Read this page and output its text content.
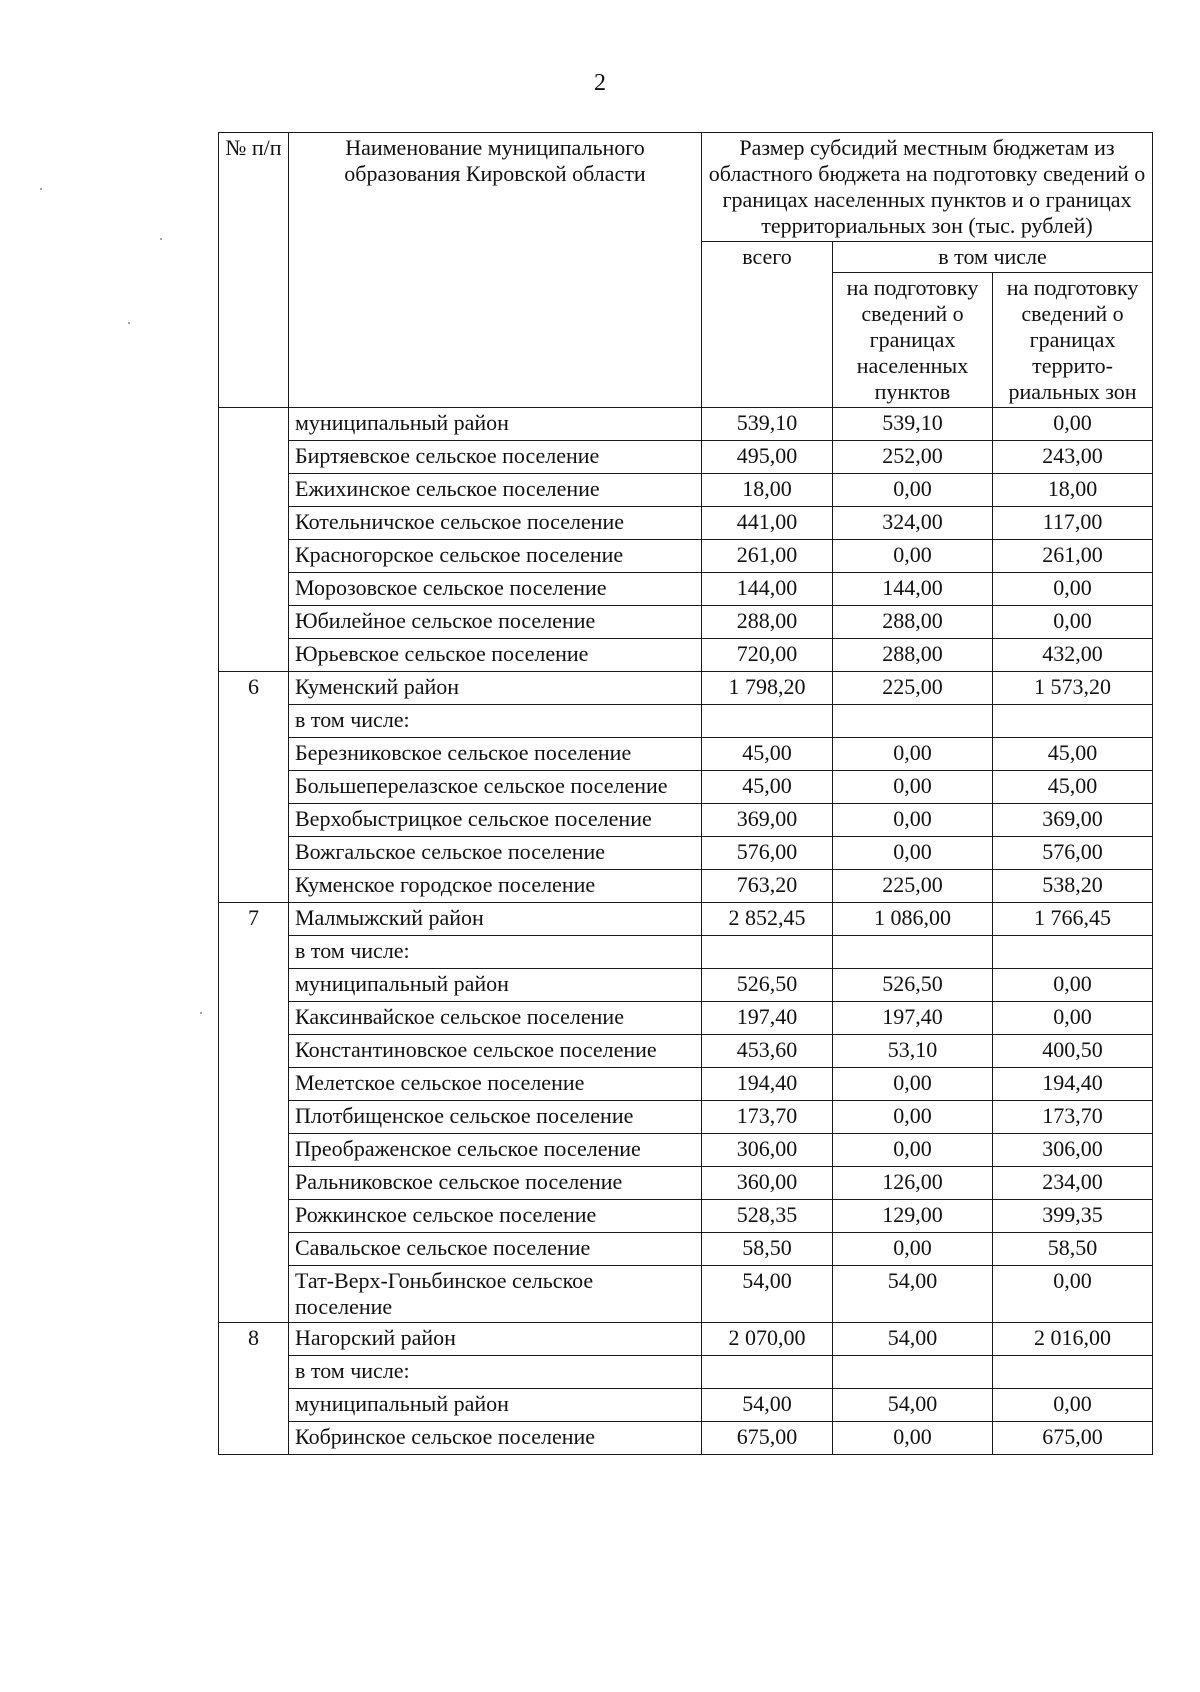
2
№ п/п	Наименование муниципального образования Кировской области	Размер субсидий местным бюджетам из областного бюджета на подготовку сведений о границах населенных пунктов и о границах территориальных зон (тыс. рублей)		
		всего	в том числе	
			на подготовку сведений о границах населенных пунктов	на подготовку сведений о границах террито-риальных зон
	муниципальный район	539,10	539,10	0,00
	Биртяевское сельское поселение	495,00	252,00	243,00
	Ежихинское сельское поселение	18,00	0,00	18,00
	Котельничское сельское поселение	441,00	324,00	117,00
	Красногорское сельское поселение	261,00	0,00	261,00
	Морозовское сельское поселение	144,00	144,00	0,00
	Юбилейное сельское поселение	288,00	288,00	0,00
	Юрьевское сельское поселение	720,00	288,00	432,00
6	Куменский район	1 798,20	225,00	1 573,20
	в том числе:			
	Березниковское сельское поселение	45,00	0,00	45,00
	Большеперелазское сельское поселение	45,00	0,00	45,00
	Верхобыстрицкое сельское поселение	369,00	0,00	369,00
	Вожгальское сельское поселение	576,00	0,00	576,00
	Куменское городское поселение	763,20	225,00	538,20
7	Малмыжский район	2 852,45	1 086,00	1 766,45
	в том числе:			
	муниципальный район	526,50	526,50	0,00
	Каксинвайское сельское поселение	197,40	197,40	0,00
	Константиновское сельское поселение	453,60	53,10	400,50
	Мелетское сельское поселение	194,40	0,00	194,40
	Плотбищенское сельское поселение	173,70	0,00	173,70
	Преображенское сельское поселение	306,00	0,00	306,00
	Ральниковское сельское поселение	360,00	126,00	234,00
	Рожкинское сельское поселение	528,35	129,00	399,35
	Савальское сельское поселение	58,50	0,00	58,50
	Тат-Верх-Гоньбинское сельское поселение	54,00	54,00	0,00
8	Нагорский район	2 070,00	54,00	2 016,00
	в том числе:			
	муниципальный район	54,00	54,00	0,00
	Кобринское сельское поселение	675,00	0,00	675,00
